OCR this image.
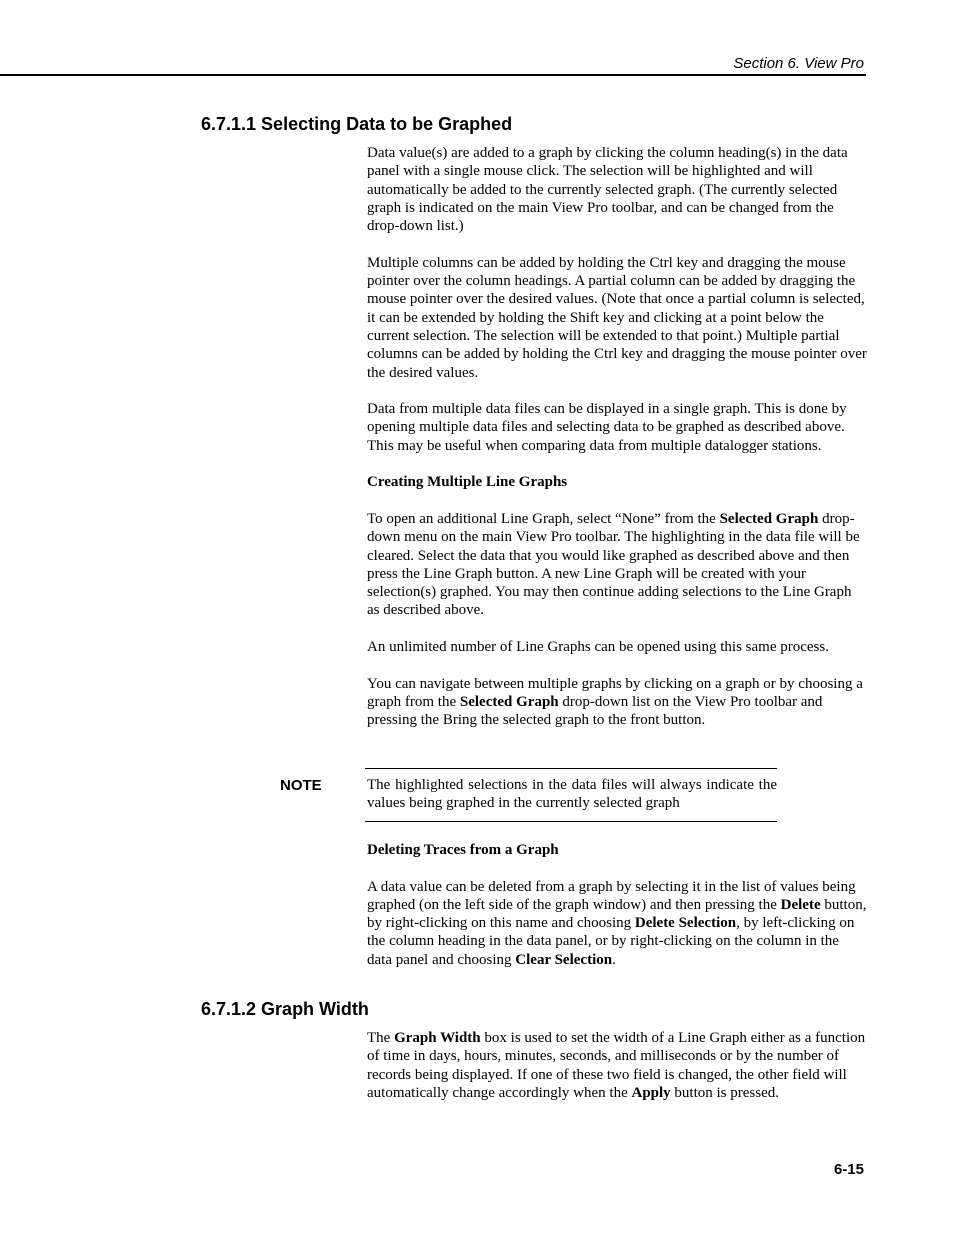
Section 6. View Pro
6.7.1.1 Selecting Data to be Graphed

Data value(s) are added to a graph by clicking the column heading(s) in the data panel with a single mouse click. The selection will be highlighted and will automatically be added to the currently selected graph. (The currently selected graph is indicated on the main View Pro toolbar, and can be changed from the drop-down list.)

Multiple columns can be added by holding the Ctrl key and dragging the mouse pointer over the column headings. A partial column can be added by dragging the mouse pointer over the desired values. (Note that once a partial column is selected, it can be extended by holding the Shift key and clicking at a point below the current selection. The selection will be extended to that point.) Multiple partial columns can be added by holding the Ctrl key and dragging the mouse pointer over the desired values.

Data from multiple data files can be displayed in a single graph. This is done by opening multiple data files and selecting data to be graphed as described above. This may be useful when comparing data from multiple datalogger stations.

Creating Multiple Line Graphs

To open an additional Line Graph, select “None” from the Selected Graph drop-down menu on the main View Pro toolbar. The highlighting in the data file will be cleared. Select the data that you would like graphed as described above and then press the Line Graph button. A new Line Graph will be created with your selection(s) graphed. You may then continue adding selections to the Line Graph as described above.

An unlimited number of Line Graphs can be opened using this same process.

You can navigate between multiple graphs by clicking on a graph or by choosing a graph from the Selected Graph drop-down list on the View Pro toolbar and pressing the Bring the selected graph to the front button.

NOTE	The highlighted selections in the data files will always indicate the values being graphed in the currently selected graph

Deleting Traces from a Graph

A data value can be deleted from a graph by selecting it in the list of values being graphed (on the left side of the graph window) and then pressing the Delete button, by right-clicking on this name and choosing Delete Selection, by left-clicking on the column heading in the data panel, or by right-clicking on the column in the data panel and choosing Clear Selection.

6.7.1.2 Graph Width

The Graph Width box is used to set the width of a Line Graph either as a function of time in days, hours, minutes, seconds, and milliseconds or by the number of records being displayed. If one of these two field is changed, the other field will automatically change accordingly when the Apply button is pressed.

6-15
